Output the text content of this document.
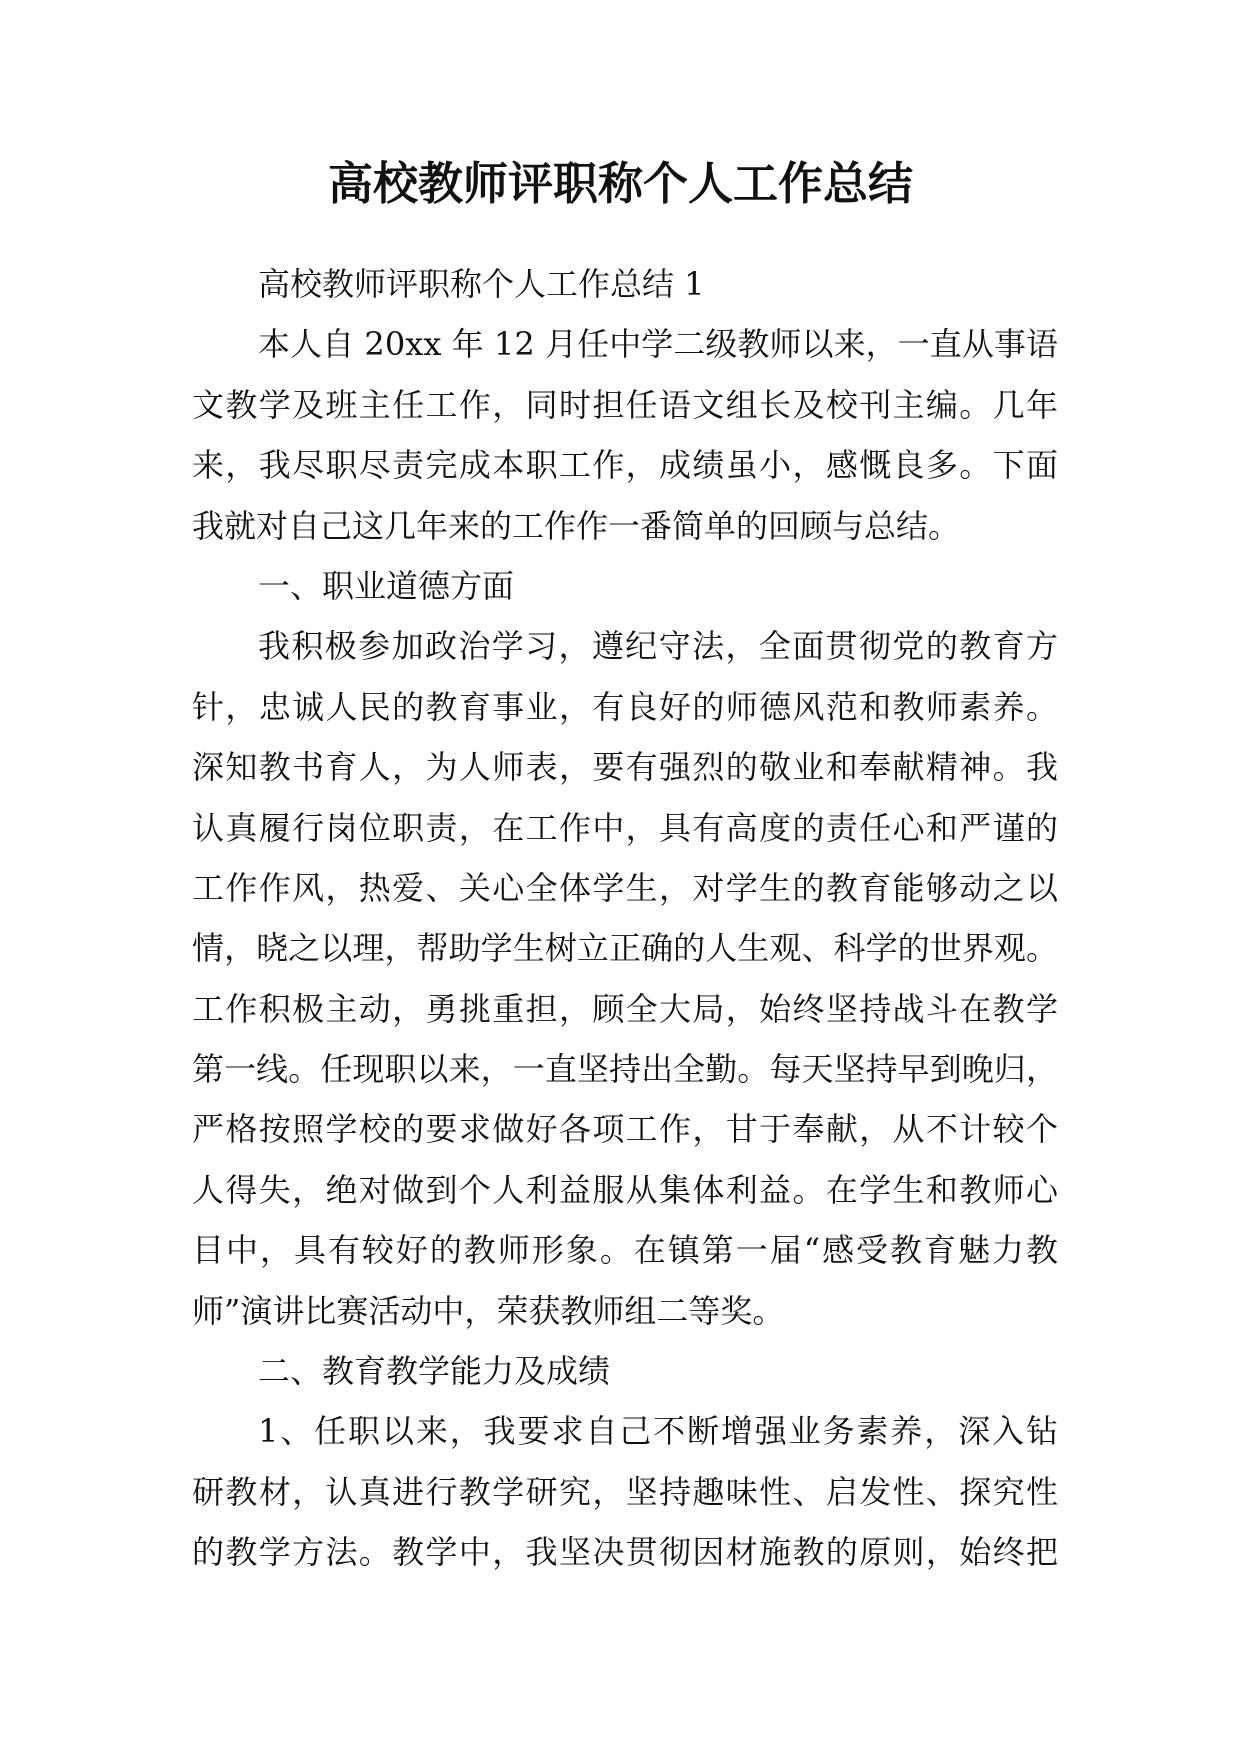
高校教师评职称个人工作总结
高校教师评职称个人工作总结 1
本人自 20xx 年 12 月任中学二级教师以来，一直从事语
文教学及班主任工作，同时担任语文组长及校刊主编。几年
来，我尽职尽责完成本职工作，成绩虽小，感慨良多。下面
我就对自己这几年来的工作作一番简单的回顾与总结。
一、职业道德方面
我积极参加政治学习，遵纪守法，全面贯彻党的教育方
针，忠诚人民的教育事业，有良好的师德风范和教师素养。
深知教书育人，为人师表，要有强烈的敬业和奉献精神。我
认真履行岗位职责，在工作中，具有高度的责任心和严谨的
工作作风，热爱、关心全体学生，对学生的教育能够动之以
情，晓之以理，帮助学生树立正确的人生观、科学的世界观。
工作积极主动，勇挑重担，顾全大局，始终坚持战斗在教学
第一线。任现职以来，一直坚持出全勤。每天坚持早到晚归，
严格按照学校的要求做好各项工作，甘于奉献，从不计较个
人得失，绝对做到个人利益服从集体利益。在学生和教师心
目中，具有较好的教师形象。在镇第一届“感受教育魅力教
师”演讲比赛活动中，荣获教师组二等奖。
二、教育教学能力及成绩
1、任职以来，我要求自己不断增强业务素养，深入钻
研教材，认真进行教学研究，坚持趣味性、启发性、探究性
的教学方法。教学中，我坚决贯彻因材施教的原则，始终把
